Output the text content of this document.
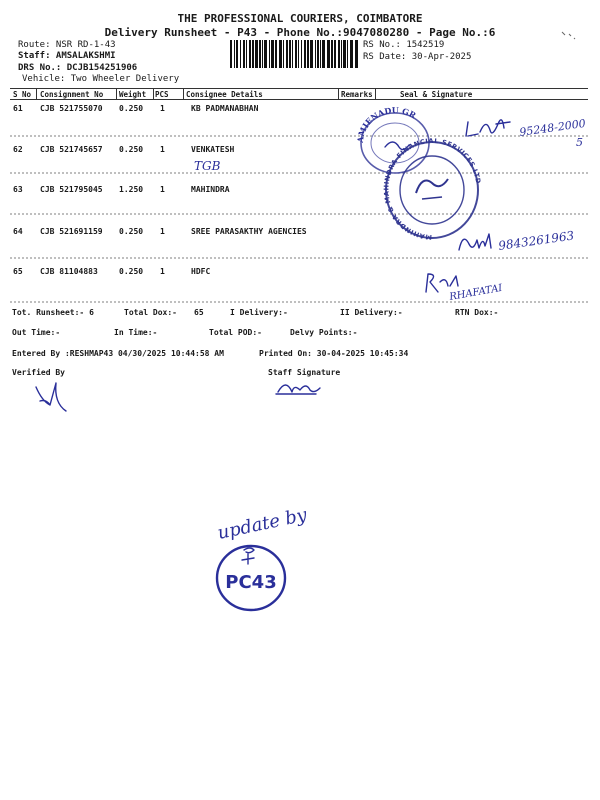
THE PROFESSIONAL COURIERS, COIMBATORE
Delivery Runsheet - P43 - Phone No.:9047080280 - Page No.:6
Route: NSR RD-1-43
Staff: AMSALAKSHMI
DRS No.: DCJB154251906
Vehicle: Two Wheeler Delivery
RS No.: 1542519
RS Date: 30-Apr-2025
S No Consignment No Weight PCS Consignee Details	Remarks	Seal & Signature
61 CJB 521755070 0.250 1	KB PADMANABHAN
62 CJB 521745657 0.250 1	VENKATESH
63 CJB 521795045 1.250 1	MAHINDRA
64 CJB 521691159 0.250 1	SREE PARASAKTHY AGENCIES
65 CJB 81104883	0.250 1	HDFC
Tot. Runsheet:- 6	Total Dox:- 65	I Delivery:-	II Delivery:-	RTN Dox:-
Out Time:-	In Time:-	Total POD:-	Delvy Points:-
Entered By :RESHMAP43 04/30/2025 10:44:58 AM	Printed On: 30-04-2025 10:45:34
Verified By	Staff Signature
AMIENADU GR
MAHINDRA & MAHINDRA FINANCIAL SERVICES LTD
95248-2000
5
TGB
9843261963
RHAFATAI
update by
PC43
